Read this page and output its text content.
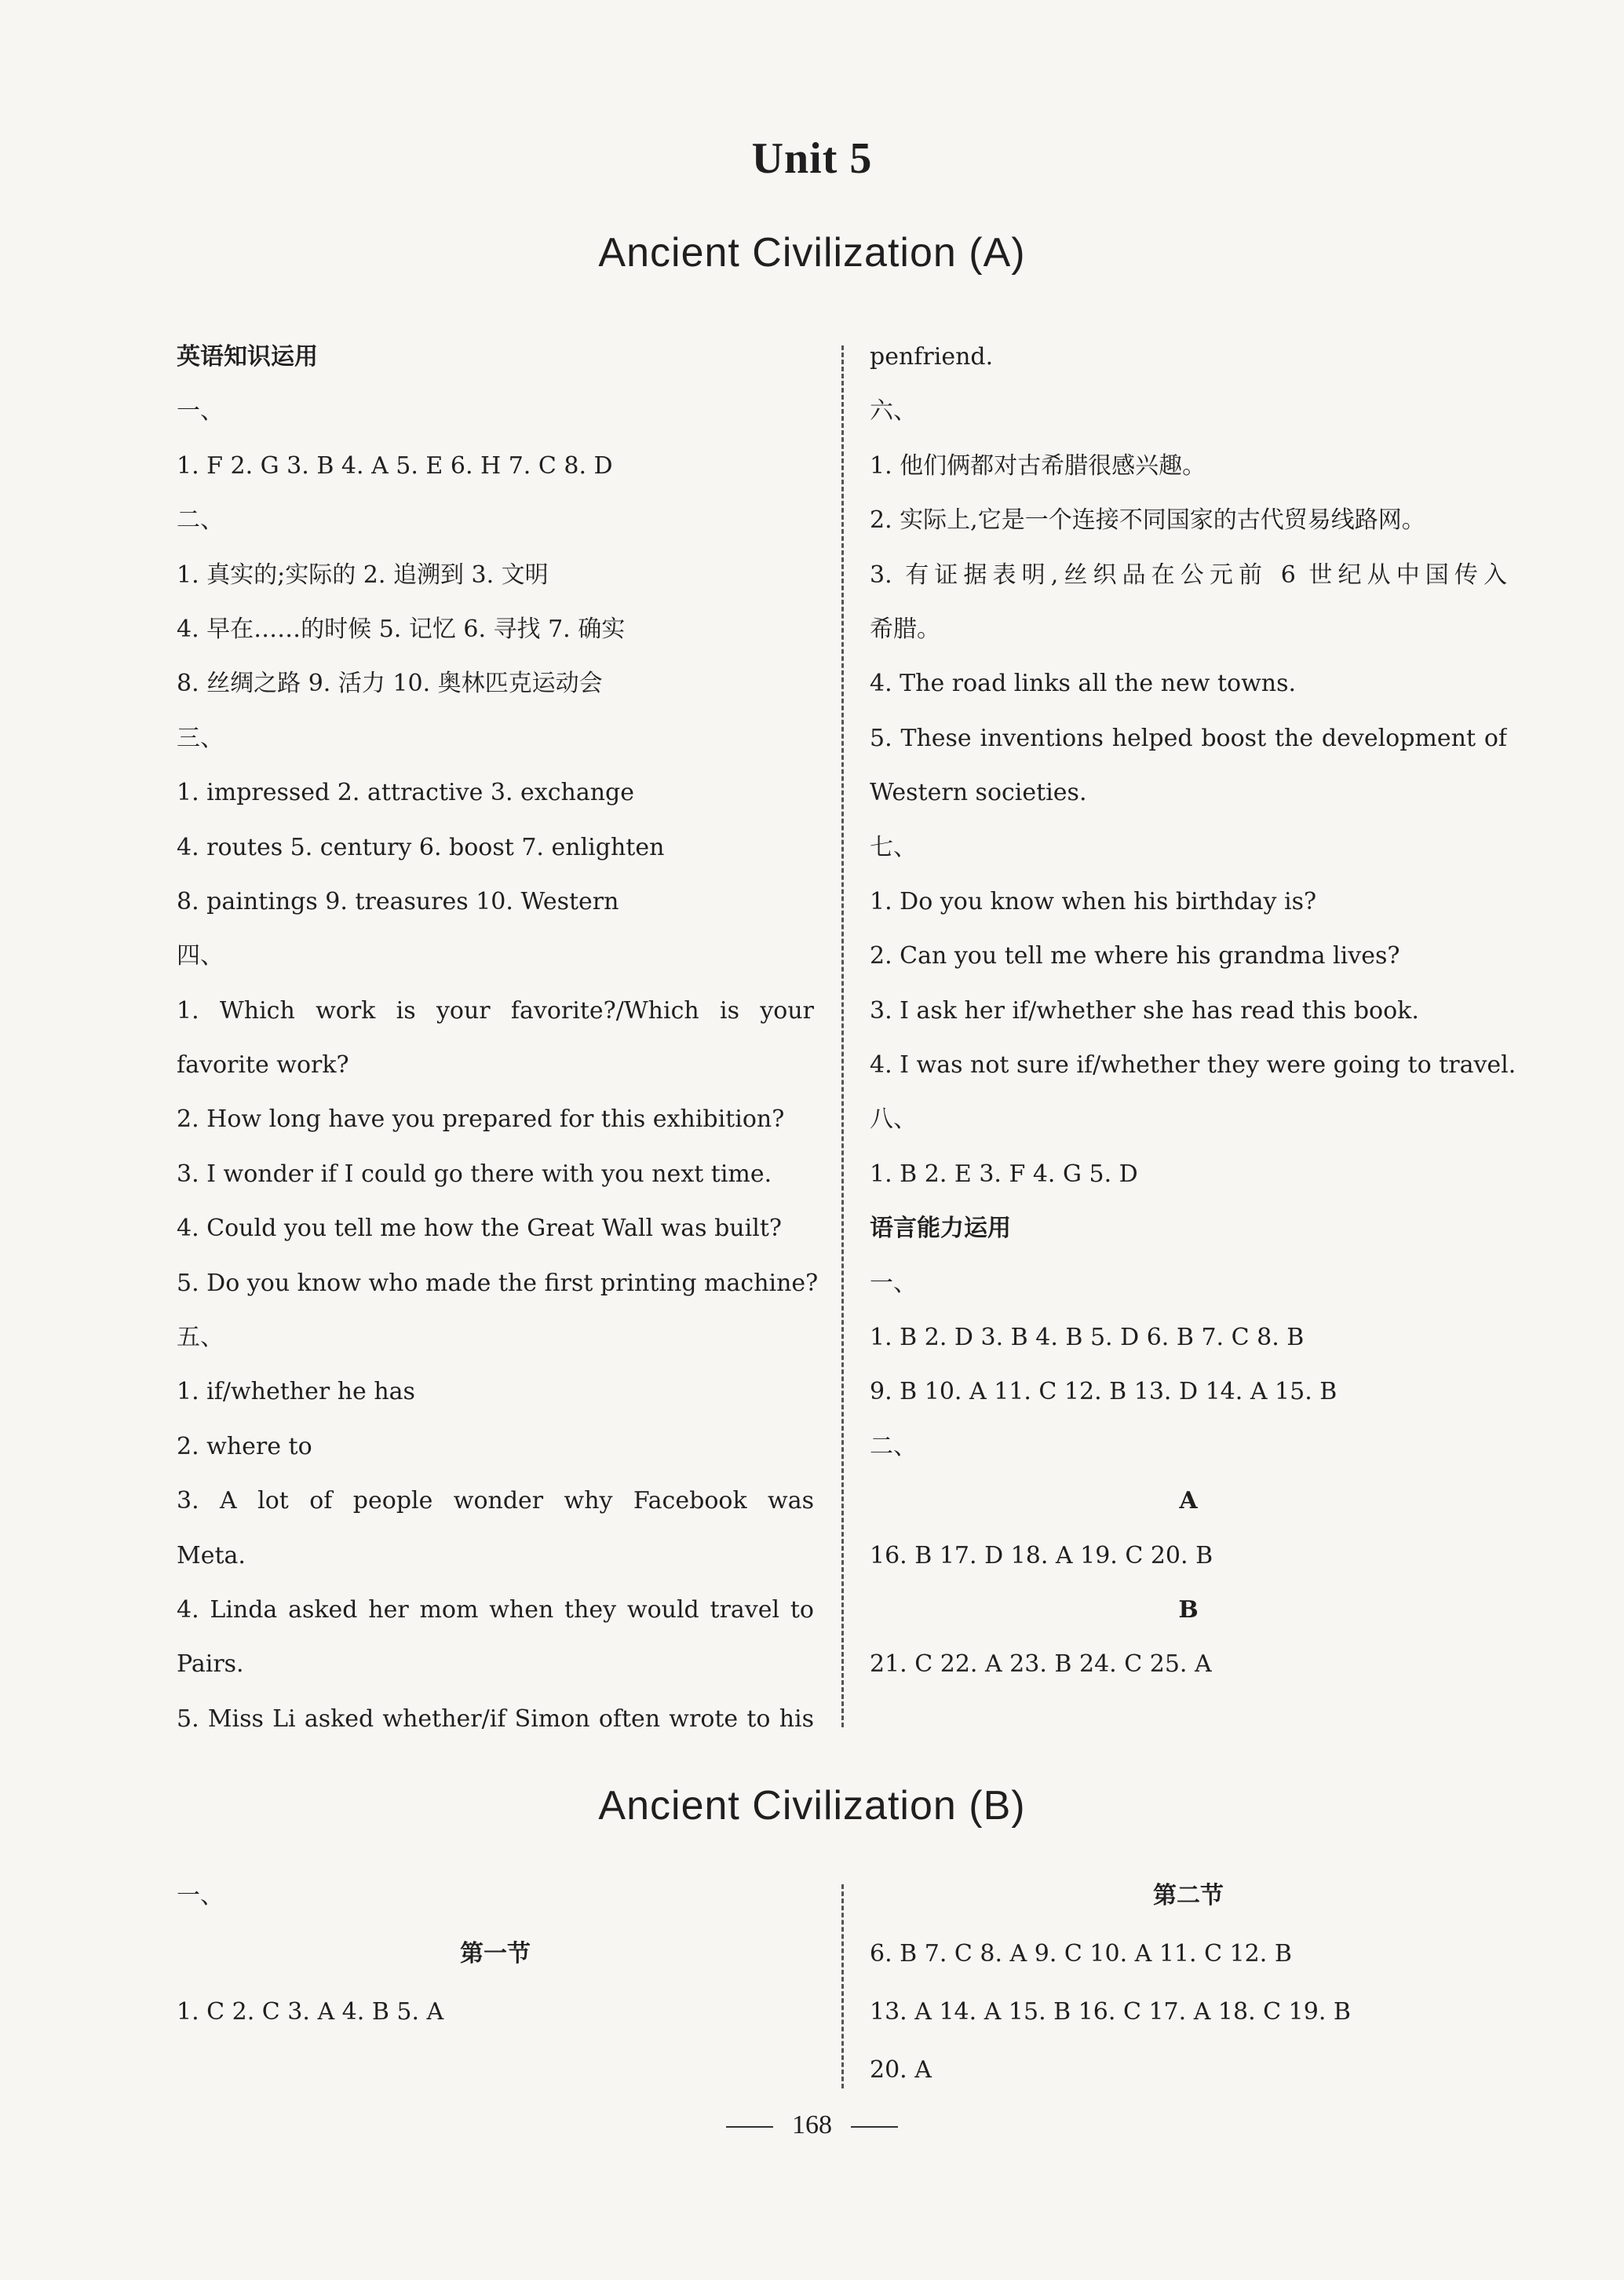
Unit 5
Ancient Civilization (A)
英语知识运用
一、
1. F 2. G 3. B 4. A 5. E 6. H 7. C 8. D
二、
1. 真实的;实际的 2. 追溯到 3. 文明
4. 早在……的时候 5. 记忆 6. 寻找 7. 确实
8. 丝绸之路 9. 活力 10. 奥林匹克运动会
三、
1. impressed 2. attractive 3. exchange
4. routes 5. century 6. boost 7. enlighten
8. paintings 9. treasures 10. Western
四、
1. Which work is your favorite?/Which is your
favorite work?
2. How long have you prepared for this exhibition?
3. I wonder if I could go there with you next time.
4. Could you tell me how the Great Wall was built?
5. Do you know who made the first printing machine?
五、
1. if/whether he has
2. where to
3. A lot of people wonder why Facebook was
Meta.
4. Linda asked her mom when they would travel to
Pairs.
5. Miss Li asked whether/if Simon often wrote to his
penfriend.
六、
1. 他们俩都对古希腊很感兴趣。
2. 实际上,它是一个连接不同国家的古代贸易线路网。
3. 有证据表明,丝织品在公元前 6 世纪从中国传入
希腊。
4. The road links all the new towns.
5. These inventions helped boost the development of
Western societies.
七、
1. Do you know when his birthday is?
2. Can you tell me where his grandma lives?
3. I ask her if/whether she has read this book.
4. I was not sure if/whether they were going to travel.
八、
1. B 2. E 3. F 4. G 5. D
语言能力运用
一、
1. B 2. D 3. B 4. B 5. D 6. B 7. C 8. B
9. B 10. A 11. C 12. B 13. D 14. A 15. B
二、
A
16. B 17. D 18. A 19. C 20. B
B
21. C 22. A 23. B 24. C 25. A
Ancient Civilization (B)
一、
第一节
1. C 2. C 3. A 4. B 5. A
第二节
6. B 7. C 8. A 9. C 10. A 11. C 12. B
13. A 14. A 15. B 16. C 17. A 18. C 19. B
20. A
168
